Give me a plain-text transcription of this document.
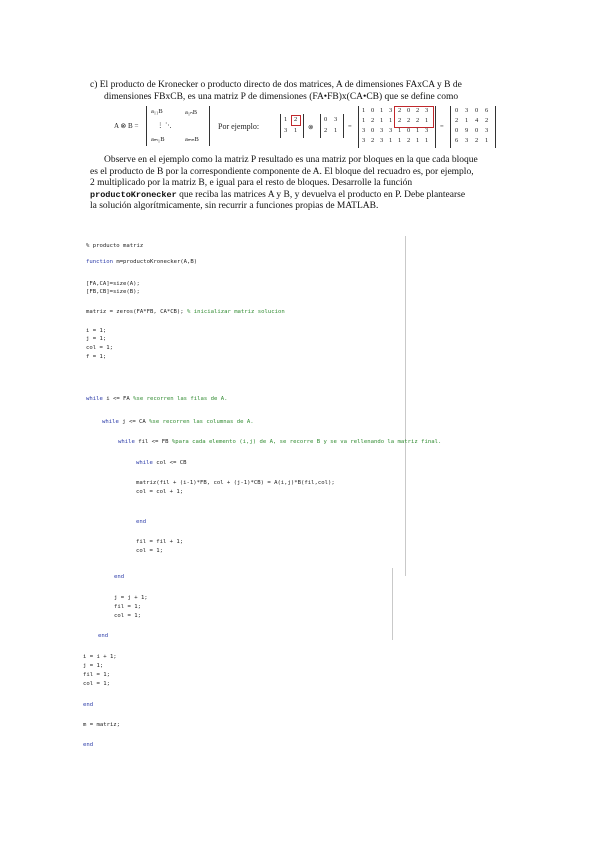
c) El producto de Kronecker o producto directo de dos matrices, A de dimensiones FAxCA y B de

dimensiones FBxCB, es una matriz P de dimensiones (FA•FB)x(CA•CB) que se define como

A ⊗ B =
a₁₁B	a₁ₙB
⋮ ⋱
aₘ₁B	aₘₙB
Por ejemplo:
1 2
3 1 ⊗
0 3
2 1
=
1 0 1 3 2 0 2 3
1 2 1 1 2 2 2 1
3 0 3 3 1 0 1 3
3 2 3 1 1 2 1 1
=
0 3 0 6
2 1 4 2
0 9 0 3
6 3 2 1

Observe en el ejemplo como la matriz P resultado es una matriz por bloques en la que cada bloque

es el producto de B por la correspondiente componente de A. El bloque del recuadro es, por ejemplo,

2 multiplicado por la matriz B, e igual para el resto de bloques. Desarrolle la función

productoKronecker que reciba las matrices A y B, y devuelva el producto en P. Debe plantearse

la solución algorítmicamente, sin recurrir a funciones propias de MATLAB.

% producto matriz
function m=productoKronecker(A,B)
[FA,CA]=size(A);
[FB,CB]=size(B);
matriz = zeros(FA*FB, CA*CB); % inicializar matriz solucion
i = 1;
j = 1;
col = 1;
f = 1;
while i <= FA %se recorren las filas de A.
while j <= CA %se recorren las columnas de A.
while fil <= FB %para cada elemento (i,j) de A, se recorre B y se va rellenando la matriz final.
while col <= CB
matriz(fil + (i-1)*FB, col + (j-1)*CB) = A(i,j)*B(fil,col);
col = col + 1;
end
fil = fil + 1;
col = 1;
end
j = j + 1;
fil = 1;
col = 1;
end
i = i + 1;
j = 1;
fil = 1;
col = 1;
end
m = matriz;
end
